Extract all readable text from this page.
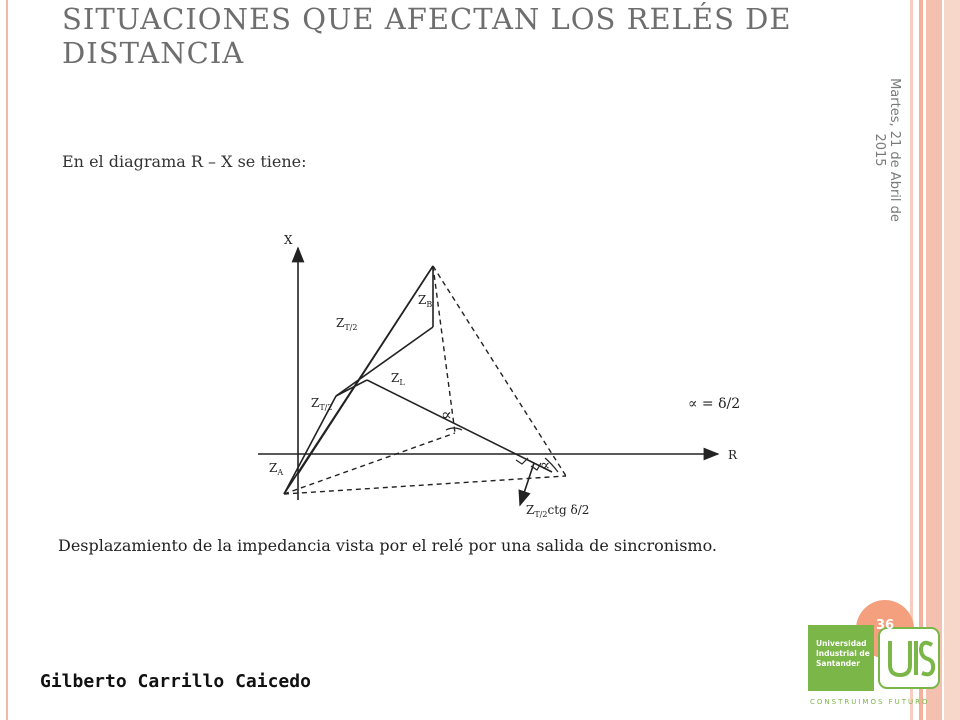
SITUACIONES QUE AFECTAN LOS RELÉS DE DISTANCIA
Martes, 21 de Abril de 2015
En el diagrama R – X se tiene:
X
R
$Z_B$
$Z_{T/2}$
$Z_L$
$Z_{T/2}$
$Z_A$
∝
∝
∝ = δ/2
$Z_{T/2}ctg$ δ/2
Desplazamiento de la impedancia vista por el relé por una salida de sincronismo.
Gilberto Carrillo Caicedo
Universidad
Industrial de
Santander
CONSTRUIMOS FUTURO
36
